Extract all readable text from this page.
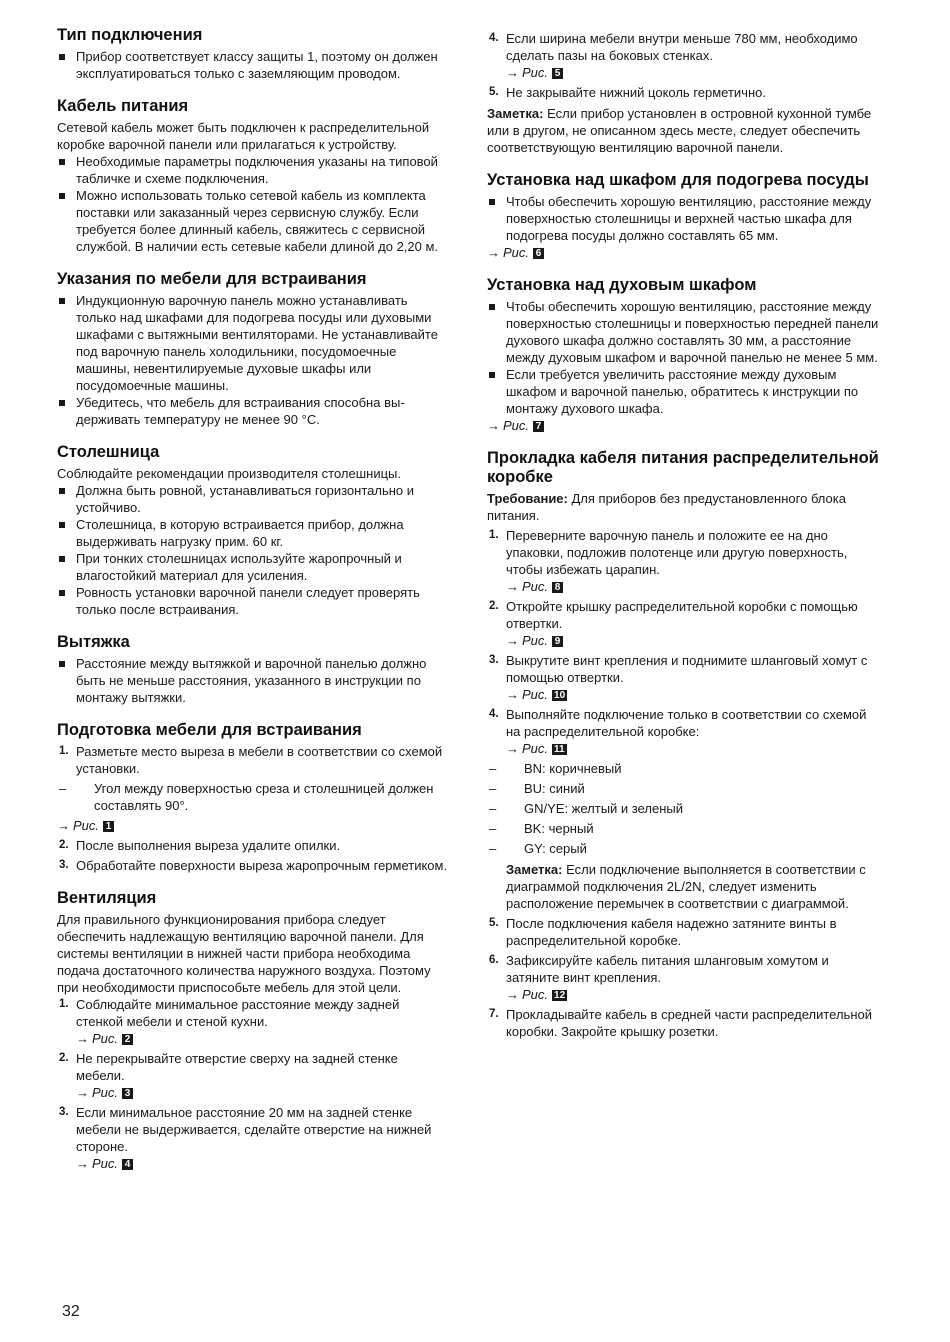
Тип подключения
Прибор соответствует классу защиты 1, поэтому он должен эксплуатироваться только с заземляющим проводом.
Кабель питания

Сетевой кабель может быть подключен к распределительной коробке варочной панели или прилагаться к устройству.

Необходимые параметры подключения указаны на типовой табличке и схеме подключения.
Можно использовать только сетевой кабель из комплекта поставки или заказанный через сервисную службу. Если требуется более длинный кабель, свяжитесь с сервисной службой. В наличии есть сетевые кабели длиной до 2,20 м.
Указания по мебели для встраивания
Индукционную варочную панель можно устанавливать только над шкафами для подогрева посуды или духовыми шкафами с вытяжными вентиляторами. Не устанавливайте под варочную панель холодильники, посудомоечные машины, невентилируемые духовые шкафы или посудомоечные машины.
Убедитесь, что мебель для встраивания способна выдерживать температуру не менее 90 °C.
Столешница

Соблюдайте рекомендации производителя столешницы.

Должна быть ровной, устанавливаться горизонтально и устойчиво.
Столешница, в которую встраивается прибор, должна выдерживать нагрузку прим. 60 кг.
При тонких столешницах используйте жаропрочный и влагостойкий материал для усиления.
Ровность установки варочной панели следует проверять только после встраивания.
Вытяжка
Расстояние между вытяжкой и варочной панелью должно быть не меньше расстояния, указанного в инструкции по монтажу вытяжки.
Подготовка мебели для встраивания
1. Разметьте место выреза в мебели в соответствии со схемой установки.
– Угол между поверхностью среза и столешницей должен составлять 90°.
→ Рис. 1
2. После выполнения выреза удалите опилки.
3. Обработайте поверхности выреза жаропрочным герметиком.
Вентиляция

Для правильного функционирования прибора следует обеспечить надлежащую вентиляцию варочной панели. Для системы вентиляции в нижней части прибора необходима подача достаточного количества наружного воздуха. Поэтому при необходимости приспособьте мебель для этой цели.

1. Соблюдайте минимальное расстояние между задней стенкой мебели и стеной кухни.
→ Рис. 2
2. Не перекрывайте отверстие сверху на задней стенке мебели.
→ Рис. 3
3. Если минимальное расстояние 20 мм на задней стенке мебели не выдерживается, сделайте отверстие на нижней стороне.
→ Рис. 4
4. Если ширина мебели внутри меньше 780 мм, необходимо сделать пазы на боковых стенках.
→ Рис. 5
5. Не закрывайте нижний цоколь герметично.

Заметка: Если прибор установлен в островной кухонной тумбе или в другом, не описанном здесь месте, следует обеспечить соответствующую вентиляцию варочной панели.

Установка над шкафом для подогрева посуды
Чтобы обеспечить хорошую вентиляцию, расстояние между поверхностью столешницы и верхней частью шкафа для подогрева посуды должно составлять 65 мм.
→ Рис. 6
Установка над духовым шкафом
Чтобы обеспечить хорошую вентиляцию, расстояние между поверхностью столешницы и поверхностью передней панели духового шкафа должно составлять 30 мм, а расстояние между духовым шкафом и варочной панелью не менее 5 мм.
Если требуется увеличить расстояние между духовым шкафом и варочной панелью, обратитесь к инструкции по монтажу духового шкафа.
→ Рис. 7
Прокладка кабеля питания распределительной коробке

Требование: Для приборов без предустановленного блока питания.

1. Переверните варочную панель и положите ее на дно упаковки, подложив полотенце или другую поверхность, чтобы избежать царапин.
→ Рис. 8
2. Откройте крышку распределительной коробки с помощью отвертки.
→ Рис. 9
3. Выкрутите винт крепления и поднимите шланговый хомут с помощью отвертки.
→ Рис. 10
4. Выполняйте подключение только в соответствии со схемой на распределительной коробке:
→ Рис. 11
– BN: коричневый
– BU: синий
– GN/YE: желтый и зеленый
– BK: черный
– GY: серый

Заметка: Если подключение выполняется в соответствии с диаграммой подключения 2L/2N, следует изменить расположение перемычек в соответствии с диаграммой.

5. После подключения кабеля надежно затяните винты в распределительной коробке.
6. Зафиксируйте кабель питания шланговым хомутом и затяните винт крепления.
→ Рис. 12
7. Прокладывайте кабель в средней части распределительной коробки. Закройте крышку розетки.
32
